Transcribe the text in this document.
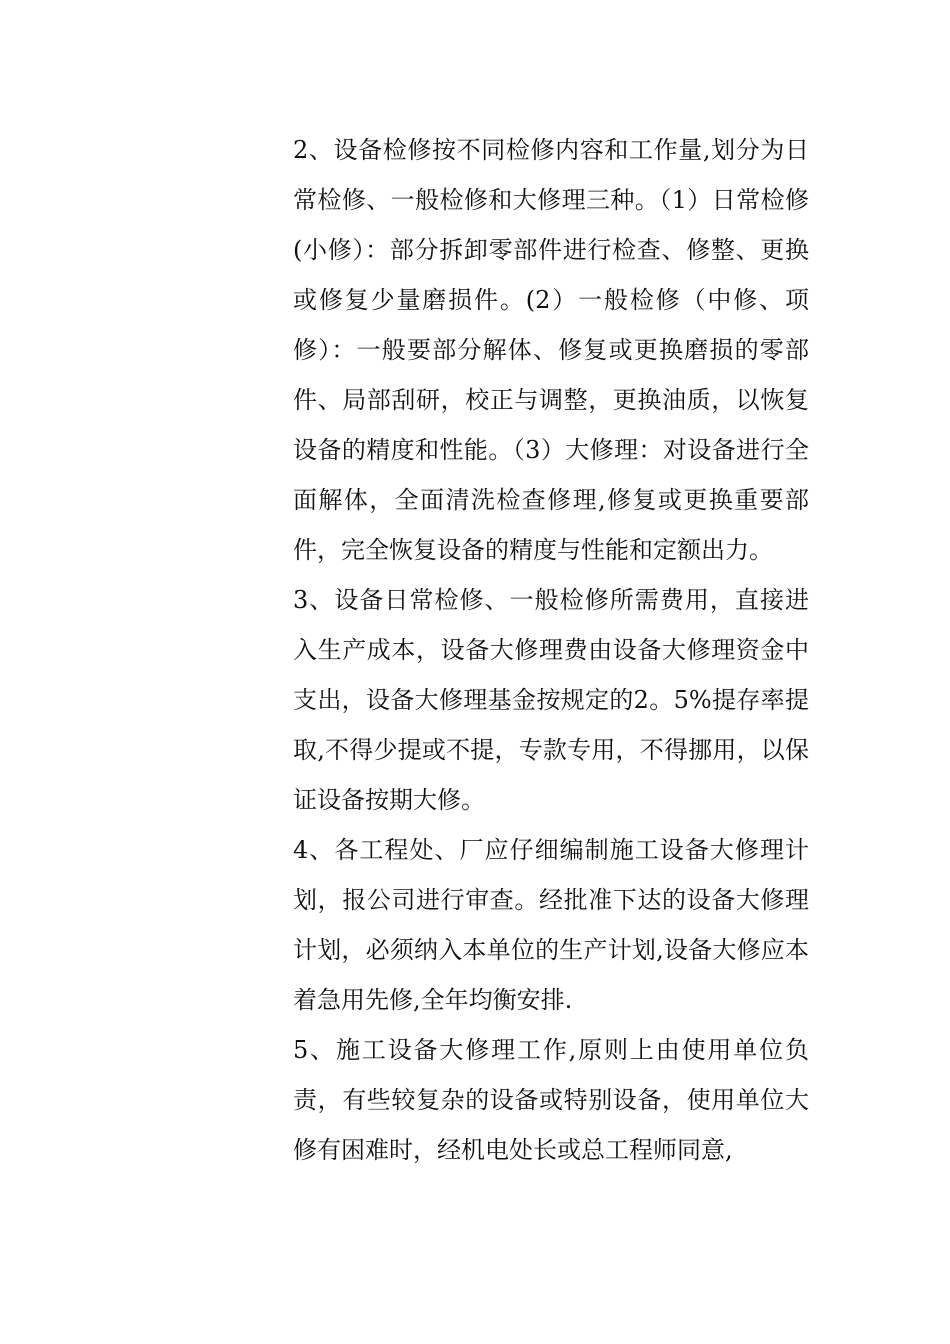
2、设备检修按不同检修内容和工作量,划分为日常检修、一般检修和大修理三种。（1）日常检修(小修）：部分拆卸零部件进行检查、修整、更换或修复少量磨损件。(2）一般检修（中修、项修）：一般要部分解体、修复或更换磨损的零部件、局部刮研，校正与调整，更换油质，以恢复设备的精度和性能。（3）大修理：对设备进行全面解体，全面清洗检查修理,修复或更换重要部件，完全恢复设备的精度与性能和定额出力。

3、设备日常检修、一般检修所需费用，直接进入生产成本，设备大修理费由设备大修理资金中支出，设备大修理基金按规定的2。5%提存率提取,不得少提或不提，专款专用，不得挪用，以保证设备按期大修。

4、各工程处、厂应仔细编制施工设备大修理计划，报公司进行审查。经批准下达的设备大修理计划，必须纳入本单位的生产计划,设备大修应本着急用先修,全年均衡安排.

5、施工设备大修理工作,原则上由使用单位负责，有些较复杂的设备或特别设备，使用单位大修有困难时，经机电处长或总工程师同意,
